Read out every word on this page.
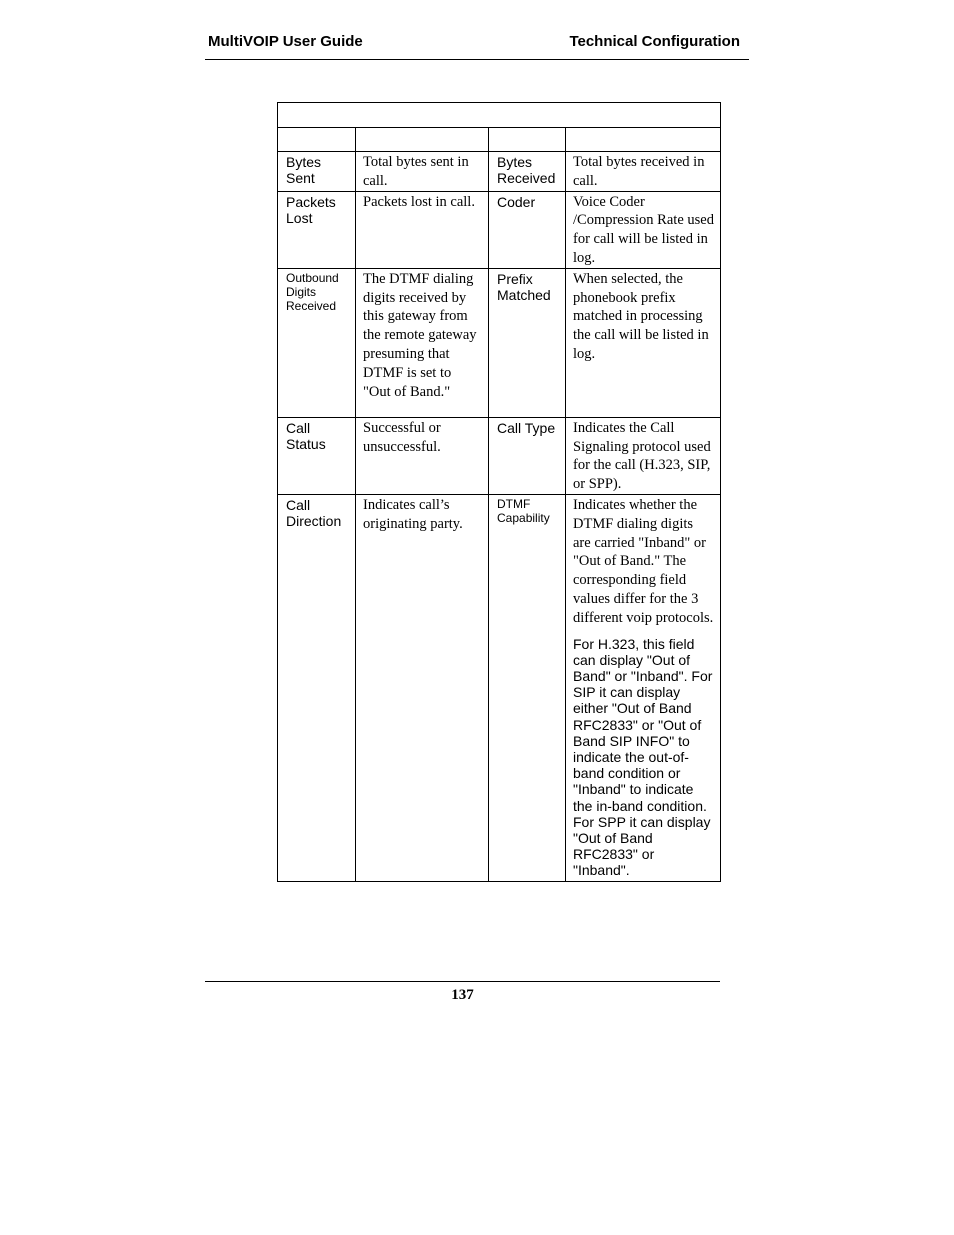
MultiVOIP User Guide	Technical Configuration

Bytes Sent	Total bytes sent in call.	Bytes Received	Total bytes received in call.

Packets Lost	Packets lost in call.	Coder	Voice Coder /Compression Rate used for call will be listed in log.

Outbound Digits Received	The DTMF dialing digits received by this gateway from the remote gateway presuming that DTMF is set to "Out of Band."	Prefix Matched	When selected, the phonebook prefix matched in processing the call will be listed in log.

Call Status	Successful or unsuccessful.	Call Type	Indicates the Call Signaling protocol used for the call (H.323, SIP, or SPP).

Call Direction	Indicates call’s originating party.	DTMF Capability	Indicates whether the DTMF dialing digits are carried "Inband" or "Out of Band." The corresponding field values differ for the 3 different voip protocols.
For H.323, this field can display "Out of Band" or "Inband". For SIP it can display either "Out of Band RFC2833" or "Out of Band SIP INFO" to indicate the out-of-band condition or "Inband" to indicate the in-band condition. For SPP it can display "Out of Band RFC2833" or "Inband".
137
